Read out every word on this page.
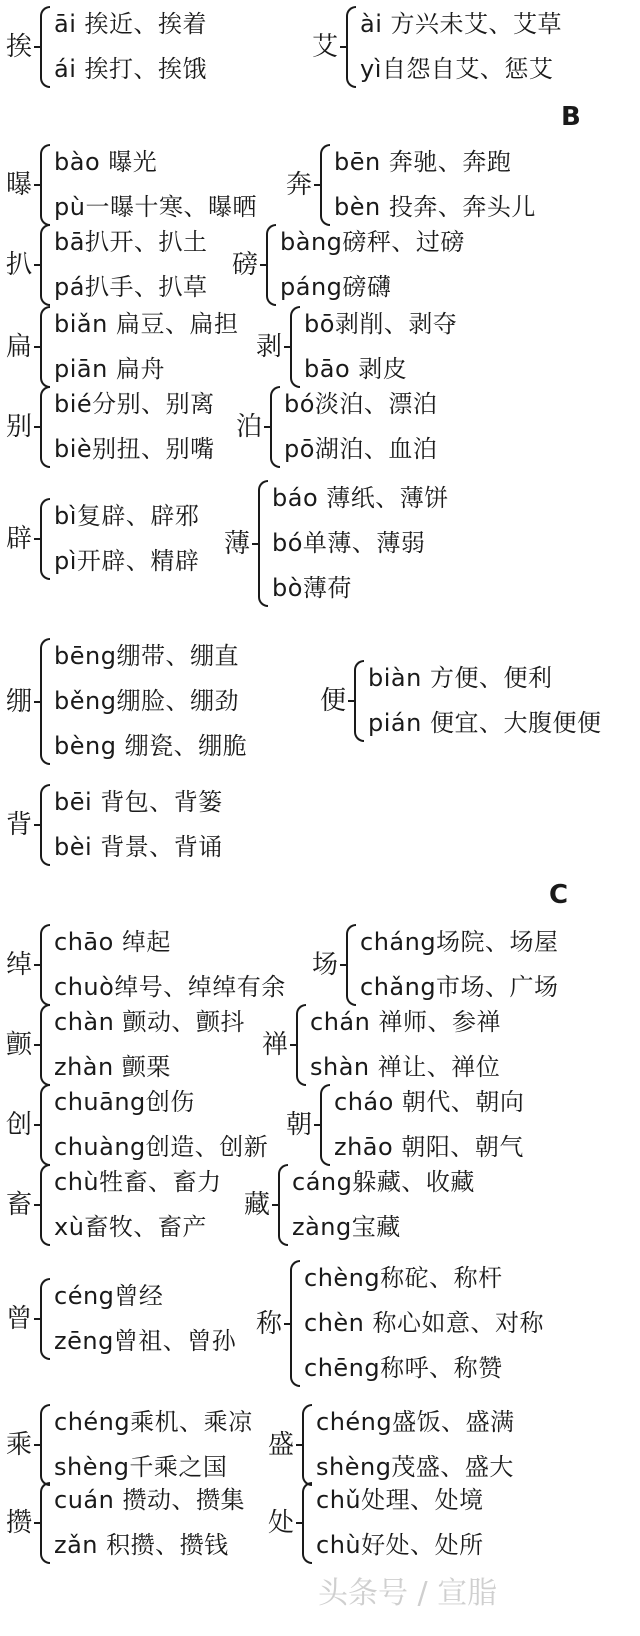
B
C
挨
āi 挨近、挨着
ái 挨打、挨饿
艾
ài 方兴未艾、艾草
yì自怨自艾、惩艾
曝
bào 曝光
pù一曝十寒、曝晒
奔
bēn 奔驰、奔跑
bèn 投奔、奔头儿
扒
bā扒开、扒土
pá扒手、扒草
磅
bàng磅秤、过磅
páng磅礴
扁
biǎn 扁豆、扁担
piān 扁舟
剥
bō剥削、剥夺
bāo 剥皮
别
bié分别、别离
biè别扭、别嘴
泊
bó淡泊、漂泊
pō湖泊、血泊
辟
bì复辟、辟邪
pì开辟、精辟
薄
báo 薄纸、薄饼
bó单薄、薄弱
bò薄荷
绷
bēng绷带、绷直
běng绷脸、绷劲
bèng 绷瓷、绷脆
便
biàn 方便、便利
pián 便宜、大腹便便
背
bēi 背包、背篓
bèi 背景、背诵
绰
chāo 绰起
chuò绰号、绰绰有余
场
cháng场院、场屋
chǎng市场、广场
颤
chàn 颤动、颤抖
zhàn 颤栗
禅
chán 禅师、参禅
shàn 禅让、禅位
创
chuāng创伤
chuàng创造、创新
朝
cháo 朝代、朝向
zhāo 朝阳、朝气
畜
chù牲畜、畜力
xù畜牧、畜产
藏
cáng躲藏、收藏
zàng宝藏
曾
céng曾经
zēng曾祖、曾孙
称
chèng称砣、称杆
chèn 称心如意、对称
chēng称呼、称赞
乘
chéng乘机、乘凉
shèng千乘之国
盛
chéng盛饭、盛满
shèng茂盛、盛大
攒
cuán 攒动、攒集
zǎn 积攒、攒钱
处
chǔ处理、处境
chù好处、处所
头条号 / 宣脂
